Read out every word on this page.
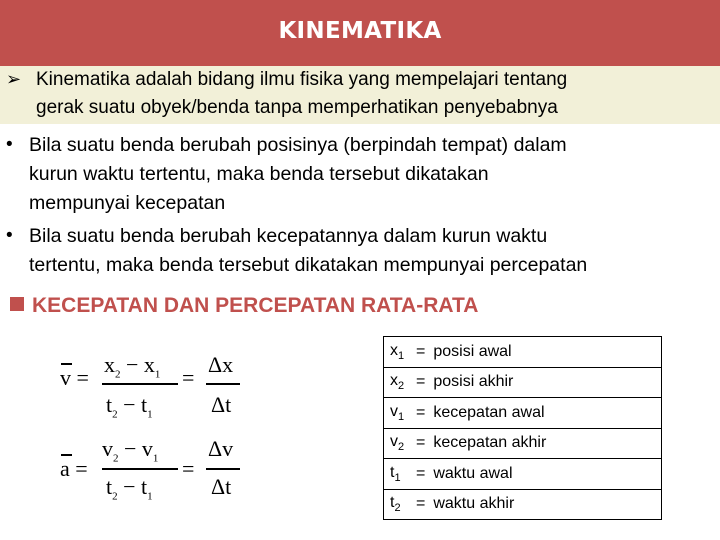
KINEMATIKA
➢ Kinematika adalah bidang ilmu fisika yang mempelajari tentang
gerak suatu obyek/benda tanpa memperhatikan penyebabnya
• Bila suatu benda berubah posisinya (berpindah tempat) dalam
kurun waktu tertentu, maka benda tersebut dikatakan
mempunyai kecepatan
• Bila suatu benda berubah kecepatannya dalam kurun waktu
tertentu, maka benda tersebut dikatakan mempunyai percepatan
KECEPATAN DAN PERCEPATAN RATA-RATA
v =
$x_2 - x_1$
$t_2 - t_1$
=
Δx
Δt
a =
$v_2 - v_1$
$t_2 - t_1$
=
Δv
Δt
$x_1$	=	posisi awal
$x_2$	=	posisi akhir
$v_1$	=	kecepatan awal
$v_2$	=	kecepatan akhir
$t_1$	=	waktu awal
$t_2$	=	waktu akhir
